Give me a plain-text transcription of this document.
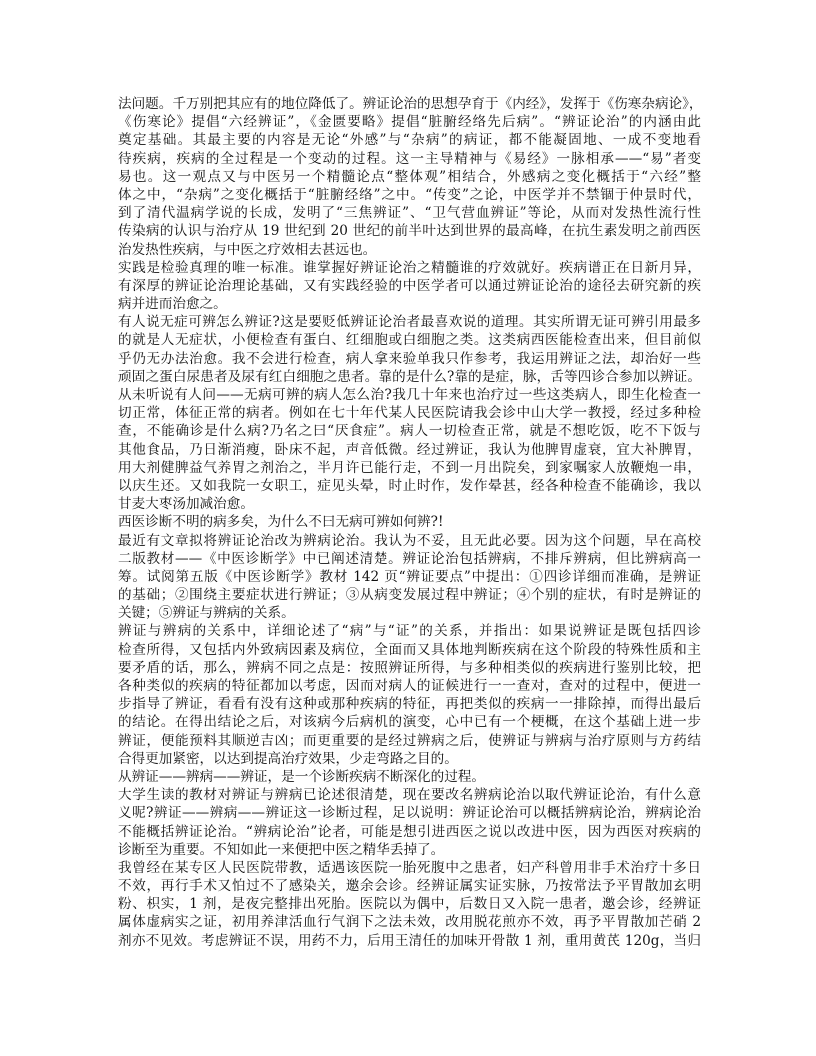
法问题。千万别把其应有的地位降低了。辨证论治的思想孕育于《内经》，发挥于《伤寒杂病论》，
《伤寒论》提倡“六经辨证”，《金匮要略》提倡“脏腑经络先后病”。“辨证论治”的内涵由此
奠定基础。其最主要的内容是无论“外感”与“杂病”的病证，都不能凝固地、一成不变地看
待疾病，疾病的全过程是一个变动的过程。这一主导精神与《易经》一脉相承——“易”者变
易也。这一观点又与中医另一个精髓论点“整体观”相结合，外感病之变化概括于“六经”整
体之中，“杂病”之变化概括于“脏腑经络”之中。“传变”之论，中医学并不禁锢于仲景时代，
到了清代温病学说的长成，发明了“三焦辨证”、“卫气营血辨证”等论，从而对发热性流行性
传染病的认识与治疗从 19 世纪到 20 世纪的前半叶达到世界的最高峰，在抗生素发明之前西医
治发热性疾病，与中医之疗效相去甚远也。
实践是检验真理的唯一标准。谁掌握好辨证论治之精髓谁的疗效就好。疾病谱正在日新月异，
有深厚的辨证论治理论基础，又有实践经验的中医学者可以通过辨证论治的途径去研究新的疾
病并进而治愈之。
有人说无症可辨怎么辨证?这是要贬低辨证论治者最喜欢说的道理。其实所谓无证可辨引用最多
的就是人无症状，小便检查有蛋白、红细胞或白细胞之类。这类病西医能检查出来，但目前似
乎仍无办法治愈。我不会进行检查，病人拿来验单我只作参考，我运用辨证之法，却治好一些
顽固之蛋白尿患者及尿有红白细胞之患者。靠的是什么?靠的是症，脉，舌等四诊合参加以辨证。
从未听说有人问——无病可辨的病人怎么治?我几十年来也治疗过一些这类病人，即生化检查一
切正常，体征正常的病者。例如在七十年代某人民医院请我会诊中山大学一教授，经过多种检
查，不能确诊是什么病?乃名之曰“厌食症”。病人一切检查正常，就是不想吃饭，吃不下饭与
其他食品，乃日渐消瘦，卧床不起，声音低微。经过辨证，我认为他脾胃虚衰，宜大补脾胃，
用大剂健脾益气养胃之剂治之，半月许已能行走，不到一月出院矣，到家嘱家人放鞭炮一串，
以庆生还。又如我院一女职工，症见头晕，时止时作，发作晕甚，经各种检查不能确诊，我以
甘麦大枣汤加减治愈。
西医诊断不明的病多矣，为什么不曰无病可辨如何辨?!
最近有文章拟将辨证论治改为辨病论治。我认为不妥，且无此必要。因为这个问题，早在高校
二版教材——《中医诊断学》中已阐述清楚。辨证论治包括辨病，不排斥辨病，但比辨病高一
筹。试阅第五版《中医诊断学》教材 142 页“辨证要点”中提出：①四诊详细而准确，是辨证
的基础；②围绕主要症状进行辨证；③从病变发展过程中辨证；④个别的症状，有时是辨证的
关键；⑤辨证与辨病的关系。
辨证与辨病的关系中，详细论述了“病”与“证”的关系，并指出：如果说辨证是既包括四诊
检查所得，又包括内外致病因素及病位，全面而又具体地判断疾病在这个阶段的特殊性质和主
要矛盾的话，那么，辨病不同之点是：按照辨证所得，与多种相类似的疾病进行鉴别比较，把
各种类似的疾病的特征都加以考虑，因而对病人的证候进行一一查对，查对的过程中，便进一
步指导了辨证，看看有没有这种或那种疾病的特征，再把类似的疾病一一排除掉，而得出最后
的结论。在得出结论之后，对该病今后病机的演变，心中已有一个梗概，在这个基础上进一步
辨证，便能预料其顺逆吉凶；而更重要的是经过辨病之后，使辨证与辨病与治疗原则与方药结
合得更加紧密，以达到提高治疗效果，少走弯路之目的。
从辨证——辨病——辨证，是一个诊断疾病不断深化的过程。
大学生读的教材对辨证与辨病已论述很清楚，现在要改名辨病论治以取代辨证论治，有什么意
义呢?辨证——辨病——辨证这一诊断过程，足以说明：辨证论治可以概括辨病论治，辨病论治
不能概括辨证论治。“辨病论治”论者，可能是想引进西医之说以改进中医，因为西医对疾病的
诊断至为重要。不知如此一来便把中医之精华丢掉了。
我曾经在某专区人民医院带教，适遇该医院一胎死腹中之患者，妇产科曾用非手术治疗十多日
不效，再行手术又怕过不了感染关，邀余会诊。经辨证属实证实脉，乃按常法予平胃散加玄明
粉、枳实，1 剂，是夜完整排出死胎。医院以为偶中，后数日又入院一患者，邀会诊，经辨证
属体虚病实之证，初用养津活血行气润下之法未效，改用脱花煎亦不效，再予平胃散加芒硝 2
剂亦不见效。考虑辨证不误，用药不力，后用王清任的加味开骨散 1 剂，重用黄芪 120g，当归
